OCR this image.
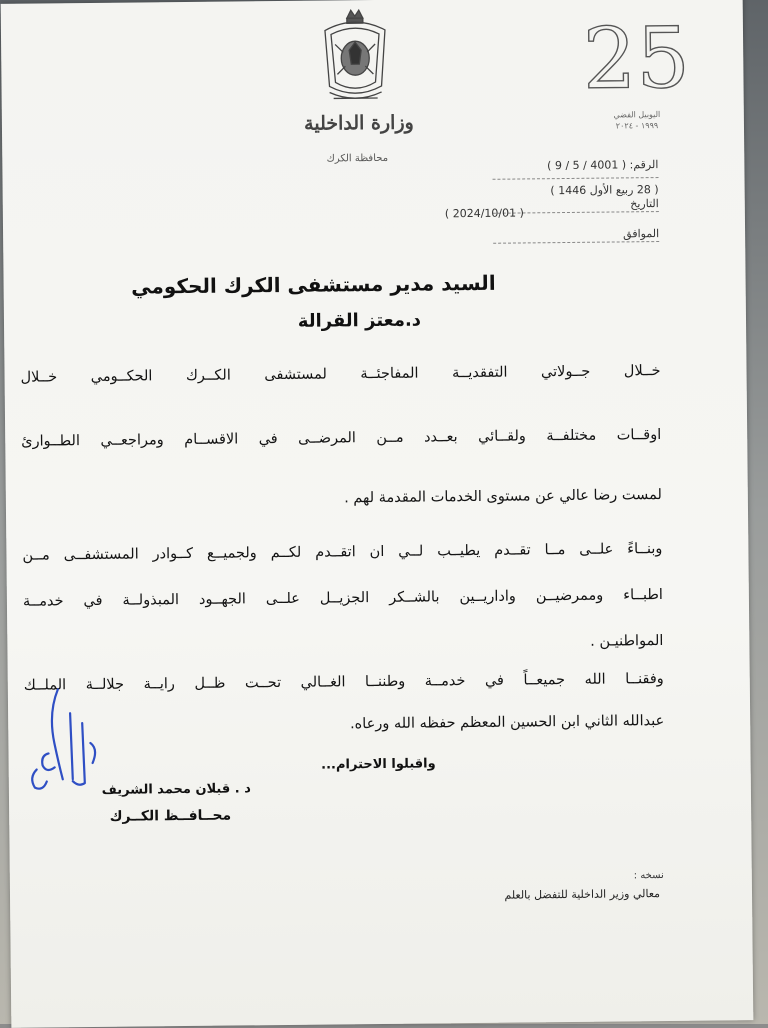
وزارة الداخلية
محافظة الكرك
25
اليوبيل الفضي
١٩٩٩ - ٢٠٢٤
الرقم: ( 4001 / 5 / 9 )
( 28 ربيع الأول 1446 )
التاريخ
( 2024/10/01 )
الموافق
السيد مدير مستشفى الكرك الحكومي
د.معتز القرالة
خــلال جــولاتي التفقديــة المفاجئــة لمستشفى الكــرك الحكــومي خــلال
اوقــات مختلفــة ولقــائي بعــدد مــن المرضــى في الاقســام ومراجعــي الطــوارئ
لمست رضا عالي عن مستوى الخدمات المقدمة لهم .
وبنــاءً علــى مــا تقــدم يطيــب لــي ان اتقــدم لكــم ولجميــع كــوادر المستشفــى مــن
اطبــاء وممرضيــن واداريــين بالشــكر الجزيــل علــى الجهــود المبذولــة في خدمــة
المواطنيـن .
وفقنــا الله جميعــاً في خدمــة وطننــا الغــالي تحــت ظــل رايــة جلالــة الملــك
عبدالله الثاني ابن الحسين المعظم حفظه الله ورعاه.
واقبلوا الاحترام...
د . قبلان محمد الشريف
محــافــظ الكــرك
نسخه :
معالي وزير الداخلية للتفضل بالعلم
